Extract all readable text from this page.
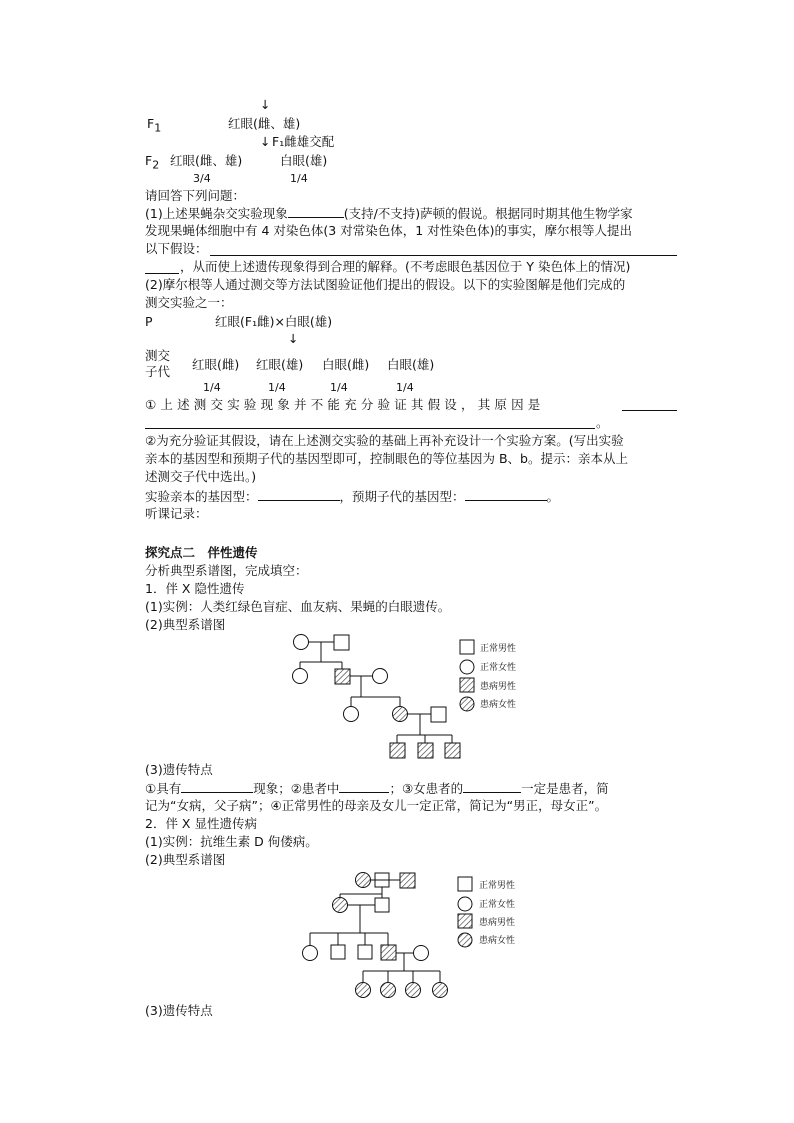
↓
$F_1$	红眼(雌、雄)
↓ F₁雌雄交配
$F_2$ 红眼(雌、雄)	白眼(雄)
3/4	1/4
请回答下列问题：
(1)上述果蝇杂交实验现象	(支持/不支持)萨顿的假说。根据同时期其他生物学家
发现果蝇体细胞中有 4 对染色体(3 对常染色体，1 对性染色体)的事实，摩尔根等人提出
以下假设：
，从而使上述遗传现象得到合理的解释。(不考虑眼色基因位于 Y 染色体上的情况)
(2)摩尔根等人通过测交等方法试图验证他们提出的假设。以下的实验图解是他们完成的
测交实验之一：
P	红眼(F₁雌)×白眼(雄)
↓
测交
子代 红眼(雌) 红眼(雄) 白眼(雌) 白眼(雄)
1/4	1/4	1/4	1/4
①上述测交实验现象并不能充分验证其假设，其原因是
。
②为充分验证其假设，请在上述测交实验的基础上再补充设计一个实验方案。(写出实验
亲本的基因型和预期子代的基因型即可，控制眼色的等位基因为 B、b。提示：亲本从上
述测交子代中选出。)
实验亲本的基因型：	，预期子代的基因型：	。
听课记录：
探究点二　伴性遗传
分析典型系谱图，完成填空：
1．伴 X 隐性遗传
(1)实例：人类红绿色盲症、血友病、果蝇的白眼遗传。
(2)典型系谱图
正常男性
正常女性
患病男性
患病女性
(3)遗传特点
①具有	现象；②患者中	；③女患者的	一定是患者，简
记为“女病，父子病”；④正常男性的母亲及女儿一定正常，简记为“男正，母女正”。
2．伴 X 显性遗传病
(1)实例：抗维生素 D 佝偻病。
(2)典型系谱图
正常男性
正常女性
患病男性
患病女性
(3)遗传特点
